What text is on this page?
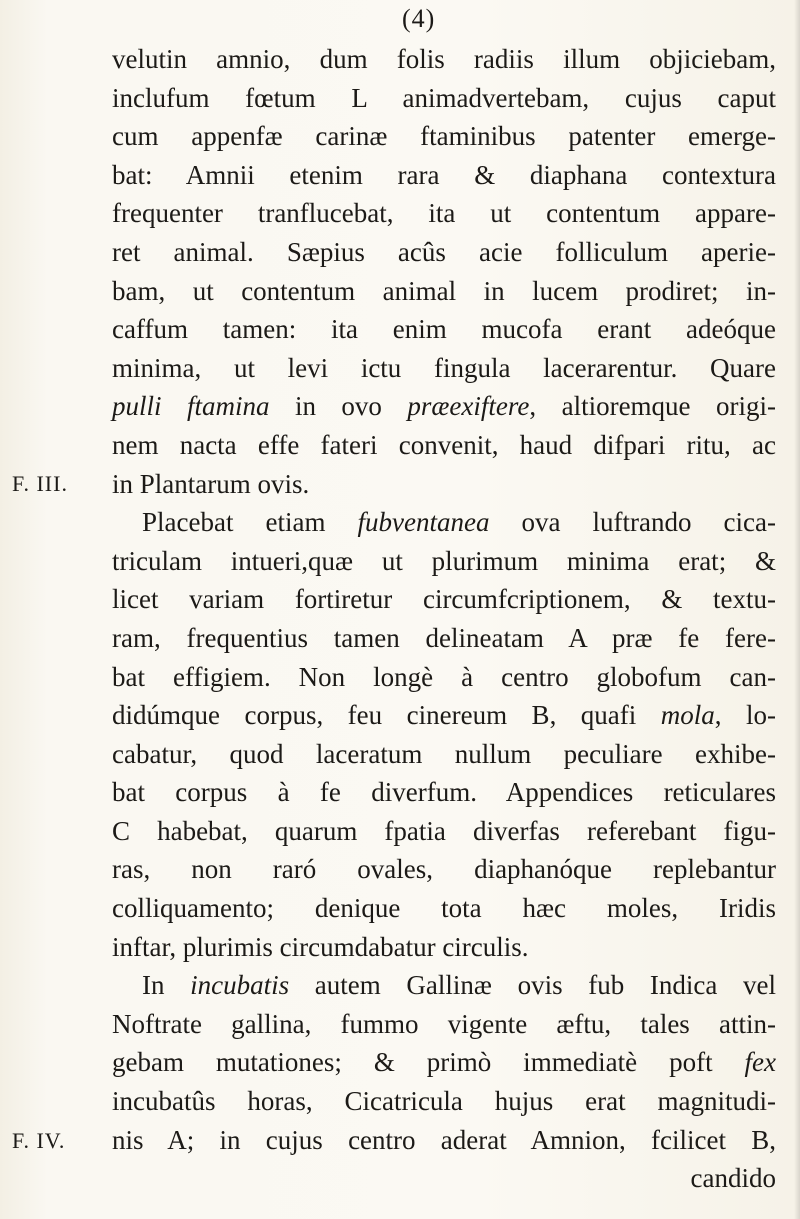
(4)
F. III.
F. IV.
velutin amnio, dum folis radiis illum objiciebam,
inclufum fœtum L animadvertebam, cujus caput
cum appenfæ carinæ ftaminibus patenter emerge-
bat: Amnii etenim rara & diaphana contextura
frequenter tranflucebat, ita ut contentum appare-
ret animal. Sæpius acûs acie folliculum aperie-
bam, ut contentum animal in lucem prodiret; in-
caffum tamen: ita enim mucofa erant adeóque
minima, ut levi ictu fingula lacerarentur. Quare
pulli ftamina in ovo præexiftere, altioremque origi-
nem nacta effe fateri convenit, haud difpari ritu, ac
in Plantarum ovis.
Placebat etiam fubventanea ova luftrando cica-
triculam intueri,quæ ut plurimum minima erat; &
licet variam fortiretur circumfcriptionem, & textu-
ram, frequentius tamen delineatam A præ fe fere-
bat effigiem. Non longè à centro globofum can-
didúmque corpus, feu cinereum B, quafi mola, lo-
cabatur, quod laceratum nullum peculiare exhibe-
bat corpus à fe diverfum. Appendices reticulares
C habebat, quarum fpatia diverfas referebant figu-
ras, non raró ovales, diaphanóque replebantur
colliquamento; denique tota hæc moles, Iridis
inftar, plurimis circumdabatur circulis.
In incubatis autem Gallinæ ovis fub Indica vel
Noftrate gallina, fummo vigente æftu, tales attin-
gebam mutationes; & primò immediatè poft fex
incubatûs horas, Cicatricula hujus erat magnitudi-
nis A; in cujus centro aderat Amnion, fcilicet B,
candido
